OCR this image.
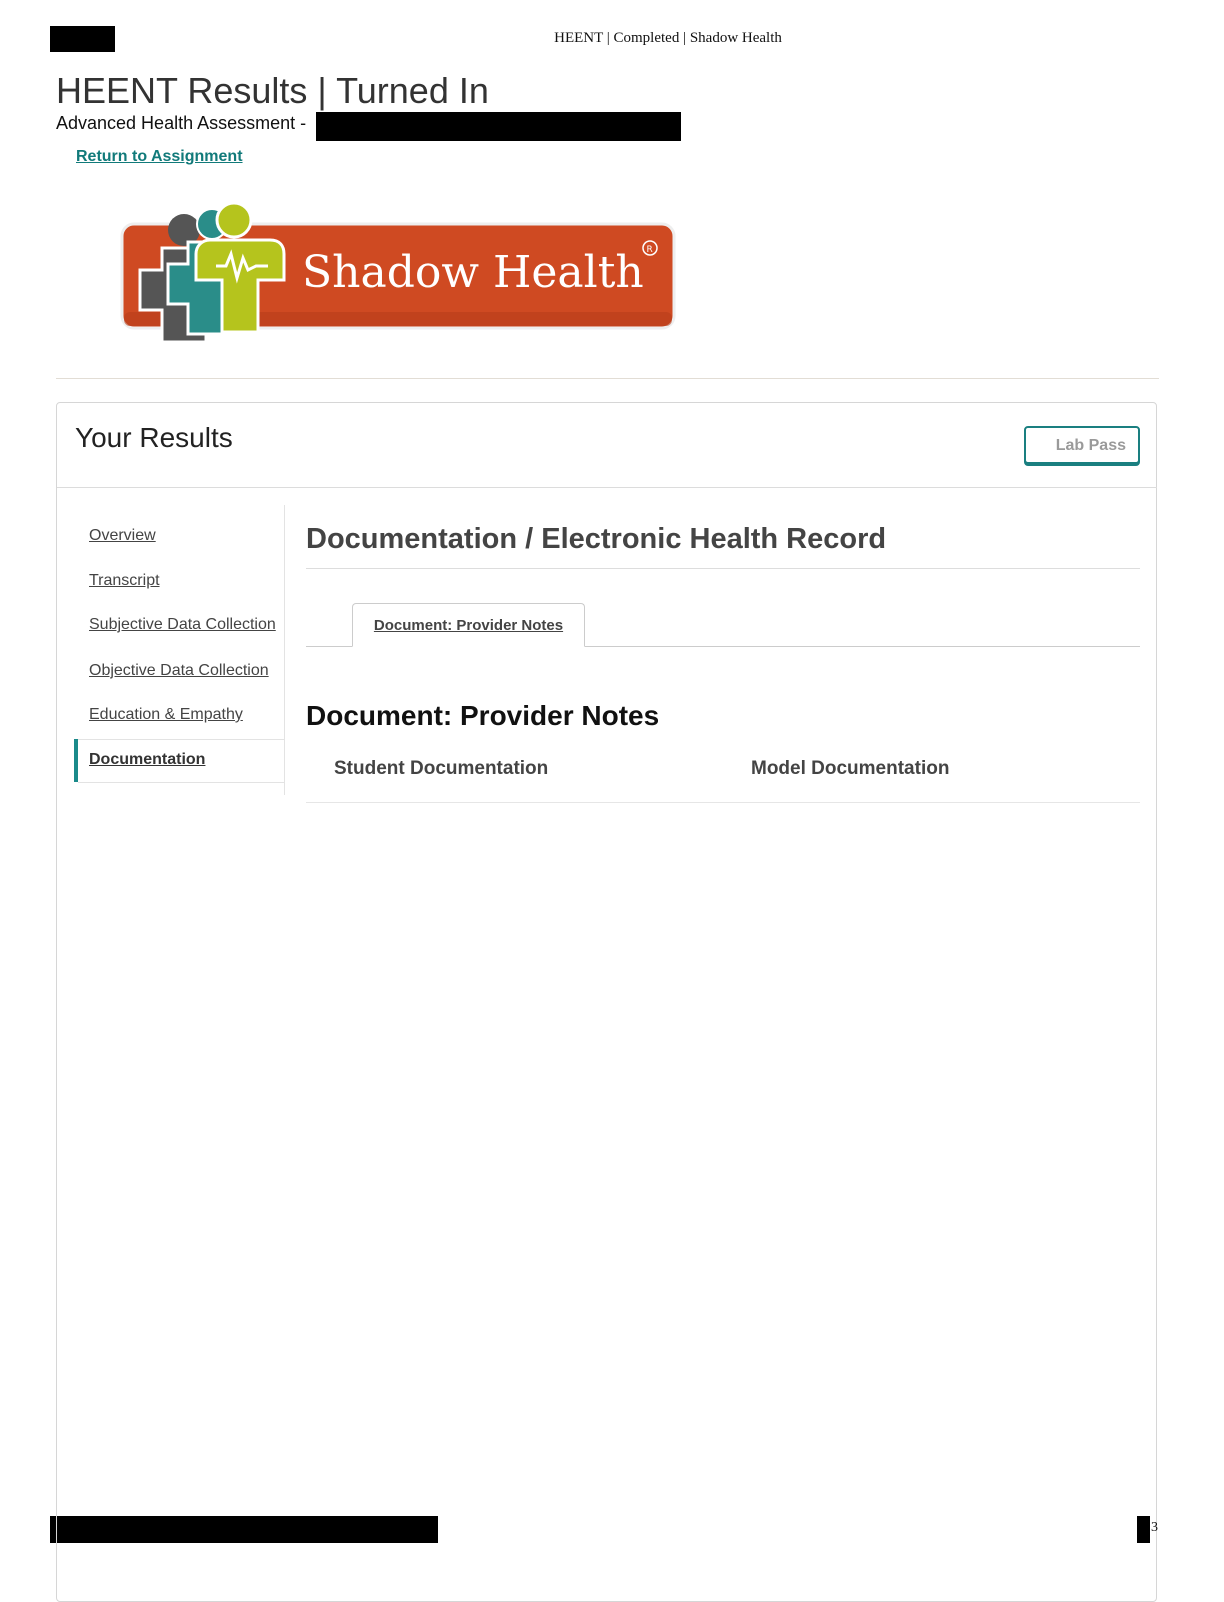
HEENT | Completed | Shadow Health
HEENT Results | Turned In
Advanced Health Assessment -
Return to Assignment
Shadow Health R
Your Results	Lab Pass
Overview
Transcript
Subjective Data Collection
Objective Data Collection
Education & Empathy
Documentation
Documentation / Electronic Health Record
Document: Provider Notes
Document: Provider Notes
Student Documentation	Model Documentation
3
